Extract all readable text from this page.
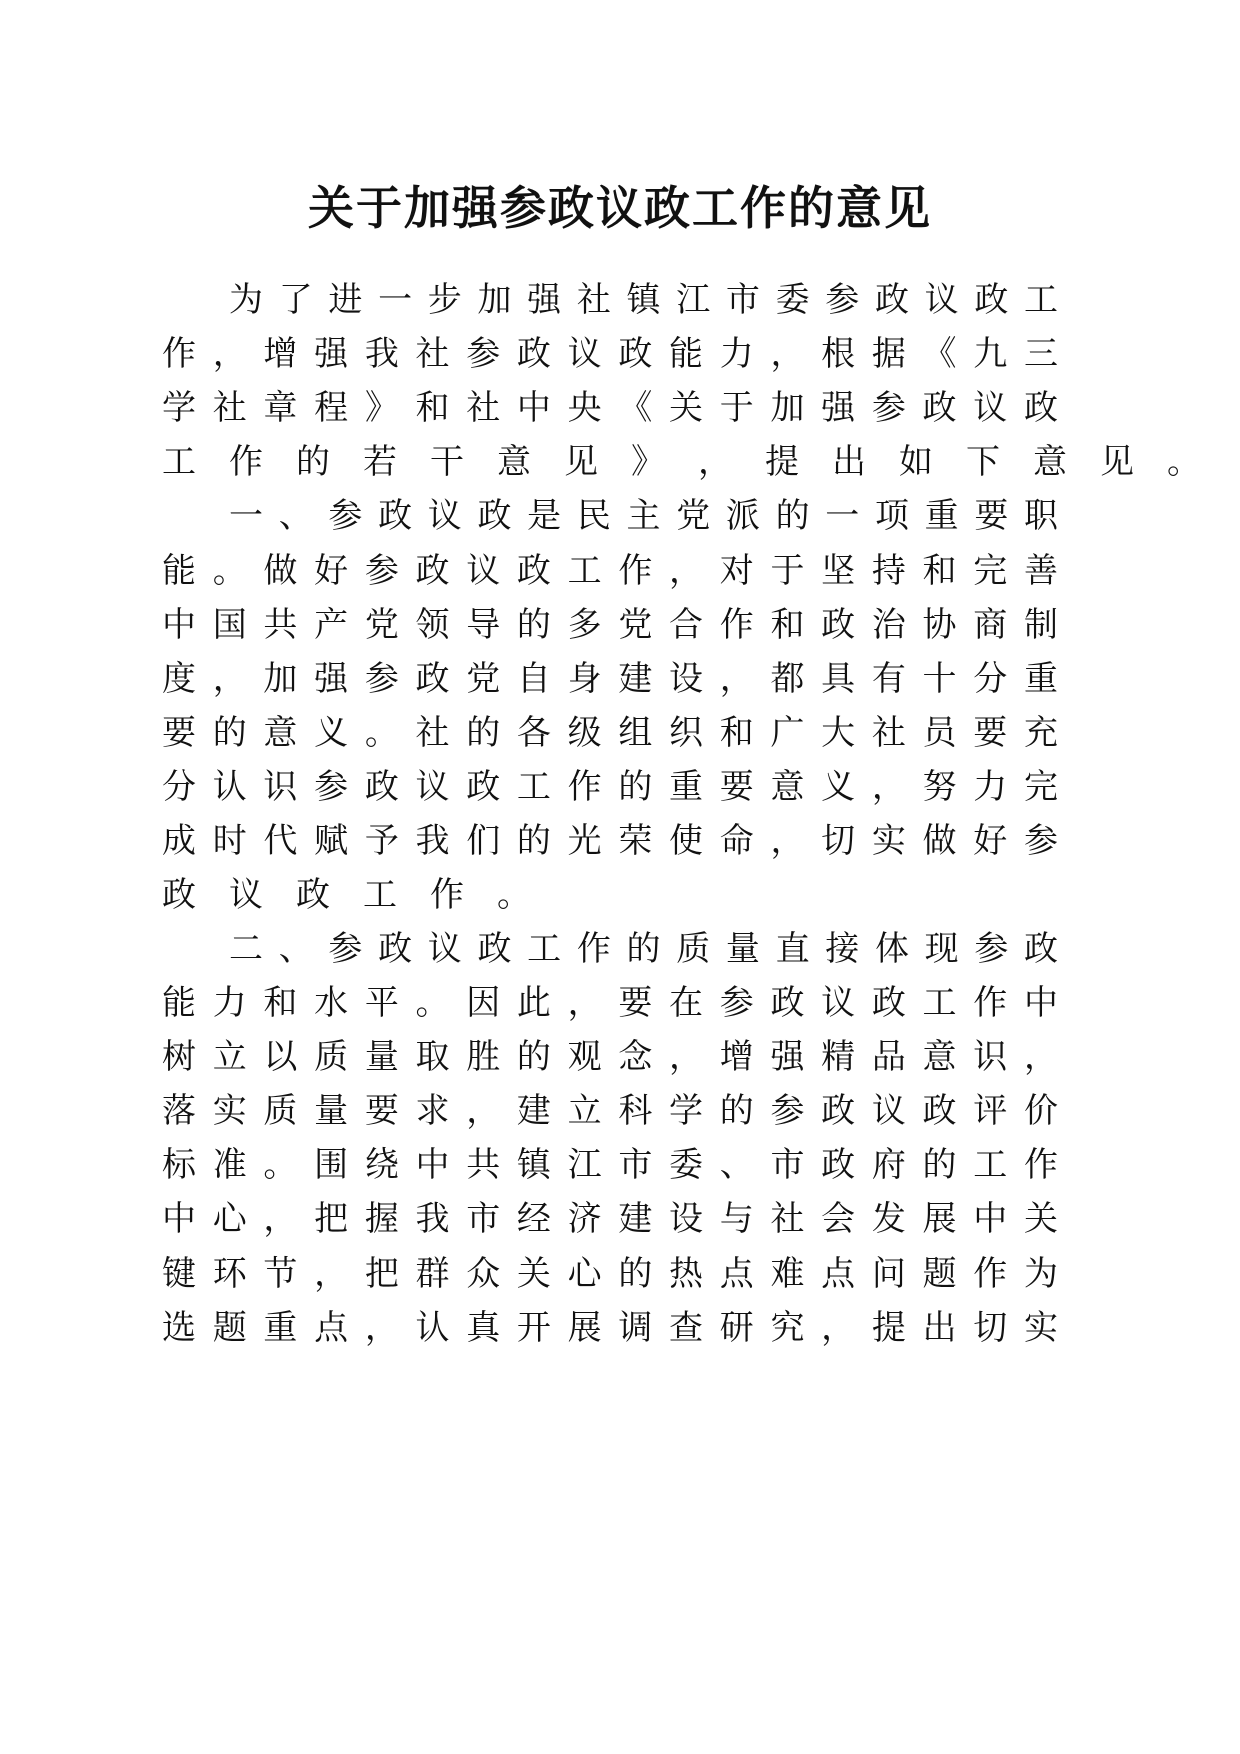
关于加强参政议政工作的意见
为 了 进 一 步 加 强 社 镇 江 市 委 参 政 议 政 工
作 ， 增 强 我 社 参 政 议 政 能 力 ， 根 据 《 九 三
学 社 章 程 》 和 社 中 央 《 关 于 加 强 参 政 议 政
工 作 的 若 干 意 见 》 ， 提 出 如 下 意 见 。
一 、 参 政 议 政 是 民 主 党 派 的 一 项 重 要 职
能 。 做 好 参 政 议 政 工 作 ， 对 于 坚 持 和 完 善
中 国 共 产 党 领 导 的 多 党 合 作 和 政 治 协 商 制
度 ， 加 强 参 政 党 自 身 建 设 ， 都 具 有 十 分 重
要 的 意 义 。 社 的 各 级 组 织 和 广 大 社 员 要 充
分 认 识 参 政 议 政 工 作 的 重 要 意 义 ， 努 力 完
成 时 代 赋 予 我 们 的 光 荣 使 命 ， 切 实 做 好 参
政 议 政 工 作 。
二 、 参 政 议 政 工 作 的 质 量 直 接 体 现 参 政
能 力 和 水 平 。 因 此 ， 要 在 参 政 议 政 工 作 中
树 立 以 质 量 取 胜 的 观 念 ， 增 强 精 品 意 识 ，
落 实 质 量 要 求 ， 建 立 科 学 的 参 政 议 政 评 价
标 准 。 围 绕 中 共 镇 江 市 委 、 市 政 府 的 工 作
中 心 ， 把 握 我 市 经 济 建 设 与 社 会 发 展 中 关
键 环 节 ， 把 群 众 关 心 的 热 点 难 点 问 题 作 为
选 题 重 点 ， 认 真 开 展 调 查 研 究 ， 提 出 切 实
